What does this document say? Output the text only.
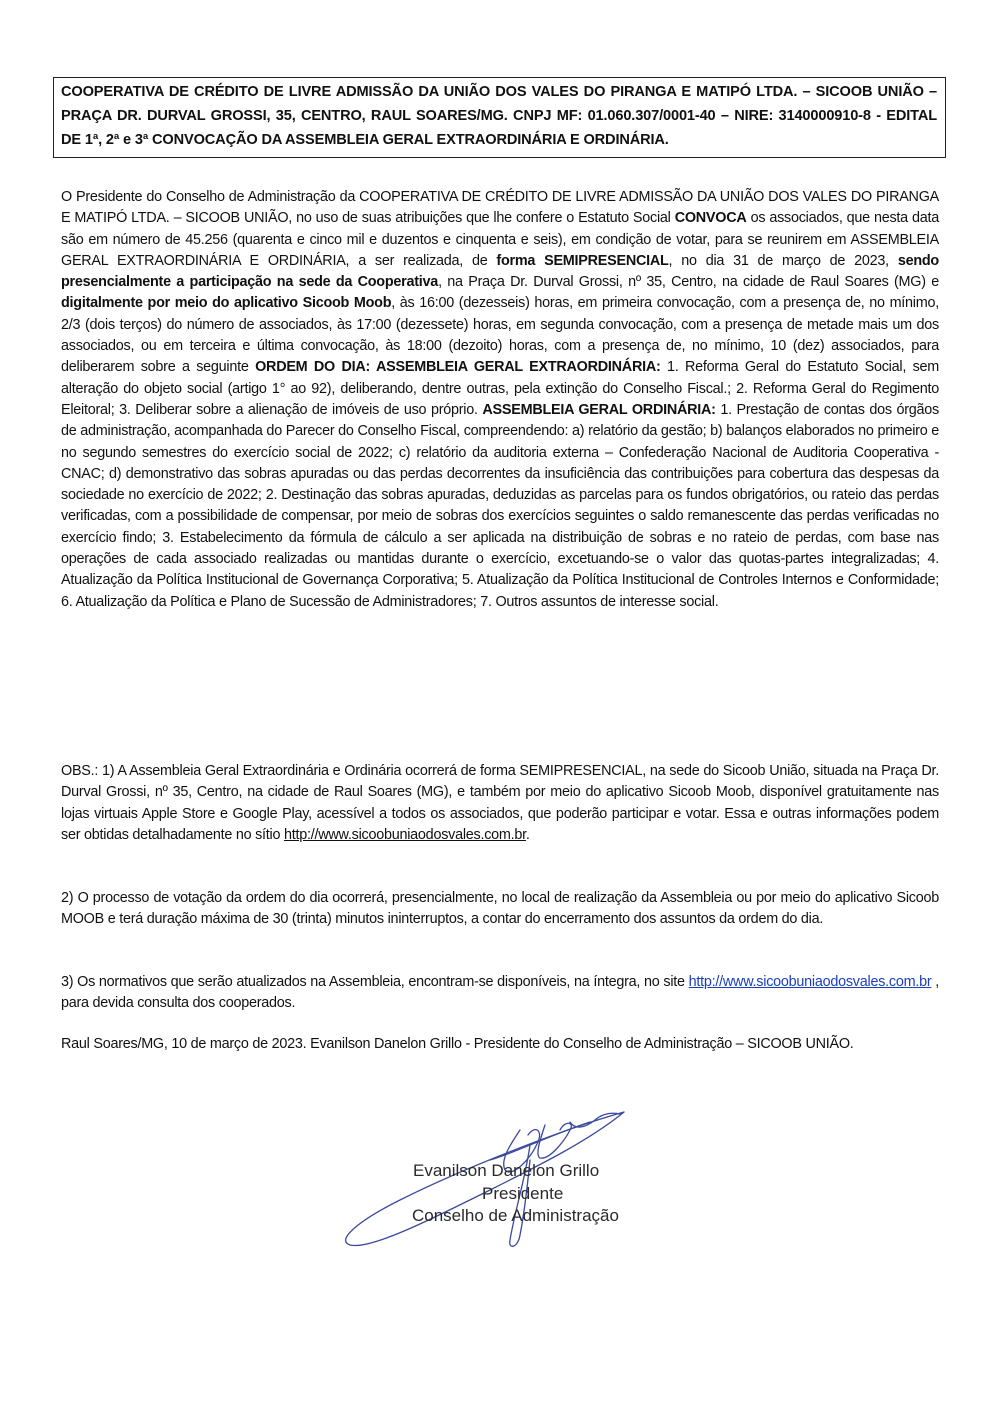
COOPERATIVA DE CRÉDITO DE LIVRE ADMISSÃO DA UNIÃO DOS VALES DO PIRANGA E MATIPÓ LTDA. – SICOOB UNIÃO – PRAÇA DR. DURVAL GROSSI, 35, CENTRO, RAUL SOARES/MG. CNPJ MF: 01.060.307/0001-40 – NIRE: 3140000910-8 - EDITAL DE 1ª, 2ª e 3ª CONVOCAÇÃO DA ASSEMBLEIA GERAL EXTRAORDINÁRIA E ORDINÁRIA.
O Presidente do Conselho de Administração da COOPERATIVA DE CRÉDITO DE LIVRE ADMISSÃO DA UNIÃO DOS VALES DO PIRANGA E MATIPÓ LTDA. – SICOOB UNIÃO, no uso de suas atribuições que lhe confere o Estatuto Social CONVOCA os associados, que nesta data são em número de 45.256 (quarenta e cinco mil e duzentos e cinquenta e seis), em condição de votar, para se reunirem em ASSEMBLEIA GERAL EXTRAORDINÁRIA E ORDINÁRIA, a ser realizada, de forma SEMIPRESENCIAL, no dia 31 de março de 2023, sendo presencialmente a participação na sede da Cooperativa, na Praça Dr. Durval Grossi, nº 35, Centro, na cidade de Raul Soares (MG) e digitalmente por meio do aplicativo Sicoob Moob, às 16:00 (dezesseis) horas, em primeira convocação, com a presença de, no mínimo, 2/3 (dois terços) do número de associados, às 17:00 (dezessete) horas, em segunda convocação, com a presença de metade mais um dos associados, ou em terceira e última convocação, às 18:00 (dezoito) horas, com a presença de, no mínimo, 10 (dez) associados, para deliberarem sobre a seguinte ORDEM DO DIA: ASSEMBLEIA GERAL EXTRAORDINÁRIA: 1. Reforma Geral do Estatuto Social, sem alteração do objeto social (artigo 1° ao 92), deliberando, dentre outras, pela extinção do Conselho Fiscal.; 2. Reforma Geral do Regimento Eleitoral; 3. Deliberar sobre a alienação de imóveis de uso próprio. ASSEMBLEIA GERAL ORDINÁRIA: 1. Prestação de contas dos órgãos de administração, acompanhada do Parecer do Conselho Fiscal, compreendendo: a) relatório da gestão; b) balanços elaborados no primeiro e no segundo semestres do exercício social de 2022; c) relatório da auditoria externa – Confederação Nacional de Auditoria Cooperativa - CNAC; d) demonstrativo das sobras apuradas ou das perdas decorrentes da insuficiência das contribuições para cobertura das despesas da sociedade no exercício de 2022; 2. Destinação das sobras apuradas, deduzidas as parcelas para os fundos obrigatórios, ou rateio das perdas verificadas, com a possibilidade de compensar, por meio de sobras dos exercícios seguintes o saldo remanescente das perdas verificadas no exercício findo; 3. Estabelecimento da fórmula de cálculo a ser aplicada na distribuição de sobras e no rateio de perdas, com base nas operações de cada associado realizadas ou mantidas durante o exercício, excetuando-se o valor das quotas-partes integralizadas; 4. Atualização da Política Institucional de Governança Corporativa; 5. Atualização da Política Institucional de Controles Internos e Conformidade; 6. Atualização da Política e Plano de Sucessão de Administradores; 7. Outros assuntos de interesse social.
OBS.: 1) A Assembleia Geral Extraordinária e Ordinária ocorrerá de forma SEMIPRESENCIAL, na sede do Sicoob União, situada na Praça Dr. Durval Grossi, nº 35, Centro, na cidade de Raul Soares (MG), e também por meio do aplicativo Sicoob Moob, disponível gratuitamente nas lojas virtuais Apple Store e Google Play, acessível a todos os associados, que poderão participar e votar. Essa e outras informações podem ser obtidas detalhadamente no sítio http://www.sicoobuniaodosvales.com.br.
2) O processo de votação da ordem do dia ocorrerá, presencialmente, no local de realização da Assembleia ou por meio do aplicativo Sicoob MOOB e terá duração máxima de 30 (trinta) minutos ininterruptos, a contar do encerramento dos assuntos da ordem do dia.
3) Os normativos que serão atualizados na Assembleia, encontram-se disponíveis, na íntegra, no site http://www.sicoobuniaodosvales.com.br , para devida consulta dos cooperados.
Raul Soares/MG, 10 de março de 2023. Evanilson Danelon Grillo - Presidente do Conselho de Administração – SICOOB UNIÃO.
Evanilson Danelon Grillo
Presidente
Conselho de Administração
